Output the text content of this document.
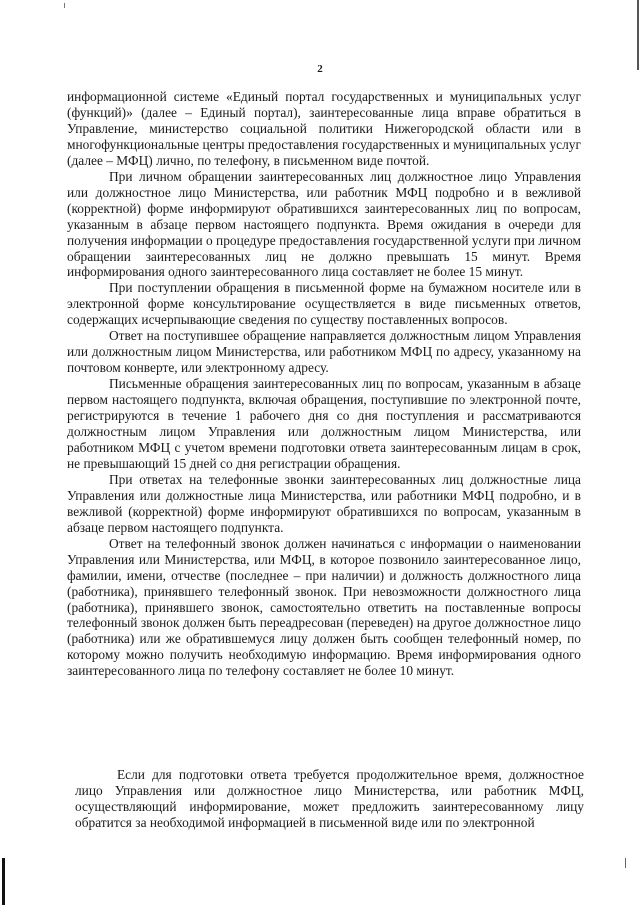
2

информационной системе «Единый портал государственных и муниципальных услуг (функций)» (далее – Единый портал), заинтересованные лица вправе обратиться в Управление, министерство социальной политики Нижегородской области или в многофункциональные центры предоставления государственных и муниципальных услуг (далее – МФЦ) лично, по телефону, в письменном виде почтой.

При личном обращении заинтересованных лиц должностное лицо Управления или должностное лицо Министерства, или работник МФЦ подробно и в вежливой (корректной) форме информируют обратившихся заинтересованных лиц по вопросам, указанным в абзаце первом настоящего подпункта. Время ожидания в очереди для получения информации о процедуре предоставления государственной услуги при личном обращении заинтересованных лиц не должно превышать 15 минут. Время информирования одного заинтересованного лица составляет не более 15 минут.

При поступлении обращения в письменной форме на бумажном носителе или в электронной форме консультирование осуществляется в виде письменных ответов, содержащих исчерпывающие сведения по существу поставленных вопросов.

Ответ на поступившее обращение направляется должностным лицом Управления или должностным лицом Министерства, или работником МФЦ по адресу, указанному на почтовом конверте, или электронному адресу.

Письменные обращения заинтересованных лиц по вопросам, указанным в абзаце первом настоящего подпункта, включая обращения, поступившие по электронной почте, регистрируются в течение 1 рабочего дня со дня поступления и рассматриваются должностным лицом Управления или должностным лицом Министерства, или работником МФЦ с учетом времени подготовки ответа заинтересованным лицам в срок, не превышающий 15 дней со дня регистрации обращения.

При ответах на телефонные звонки заинтересованных лиц должностные лица Управления или должностные лица Министерства, или работники МФЦ подробно, и в вежливой (корректной) форме информируют обратившихся по вопросам, указанным в абзаце первом настоящего подпункта.

Ответ на телефонный звонок должен начинаться с информации о наименовании Управления или Министерства, или МФЦ, в которое позвонило заинтересованное лицо, фамилии, имени, отчестве (последнее – при наличии) и должность должностного лица (работника), принявшего телефонный звонок. При невозможности должностного лица (работника), принявшего звонок, самостоятельно ответить на поставленные вопросы телефонный звонок должен быть переадресован (переведен) на другое должностное лицо (работника) или же обратившемуся лицу должен быть сообщен телефонный номер, по которому можно получить необходимую информацию. Время информирования одного заинтересованного лица по телефону составляет не более 10 минут.

Если для подготовки ответа требуется продолжительное время, должностное лицо Управления или должностное лицо Министерства, или работник МФЦ, осуществляющий информирование, может предложить заинтересованному лицу обратится за необходимой информацией в письменной виде или по электронной
